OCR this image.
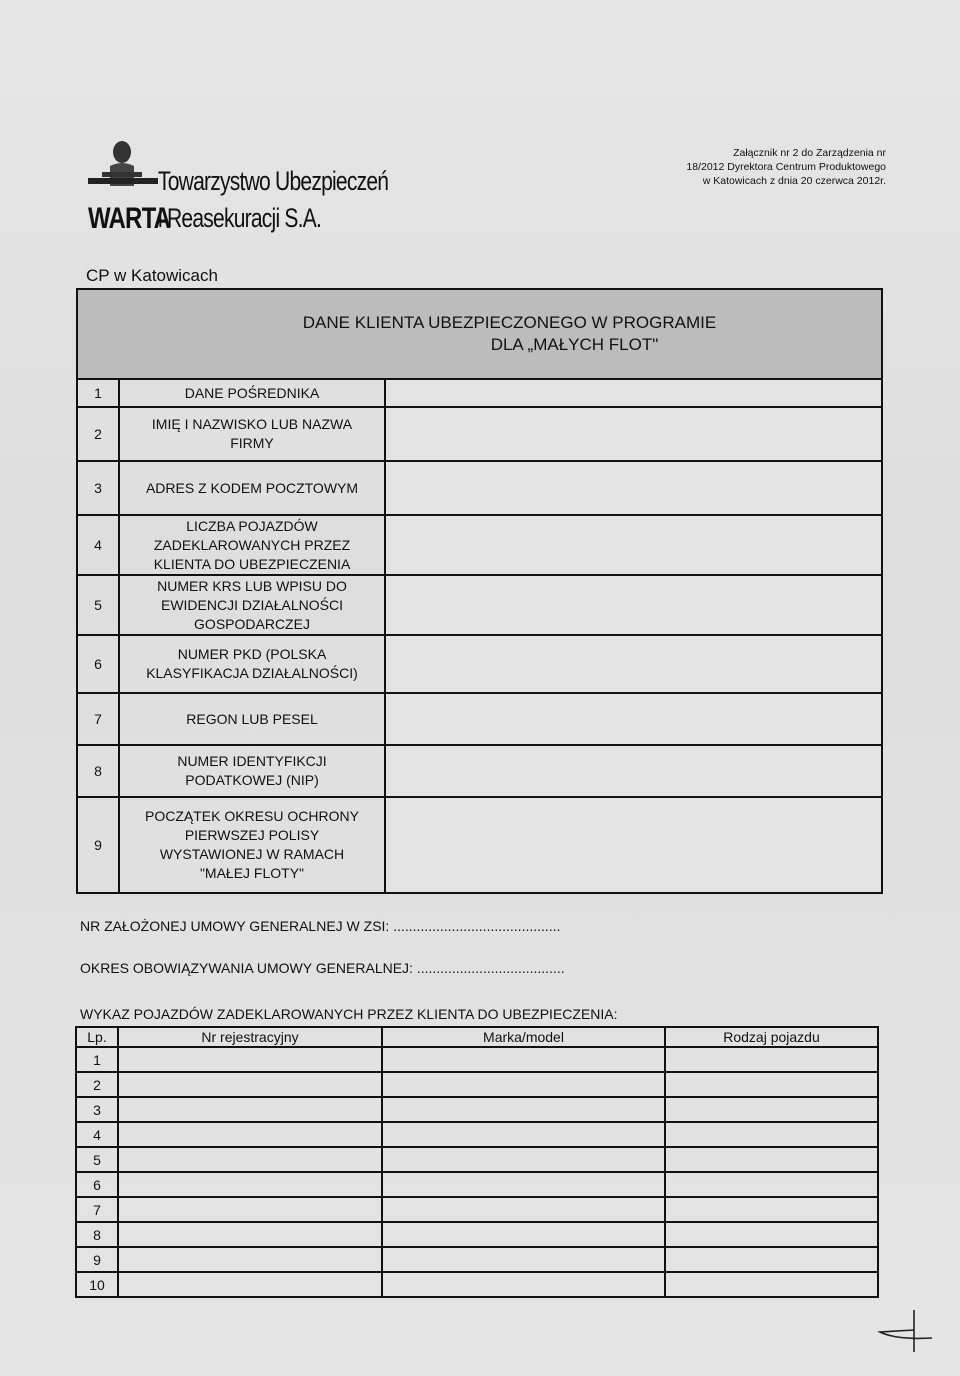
Towarzystwo Ubezpieczeń
WARTA
i Reasekuracji S.A.
Załącznik nr 2 do Zarządzenia nr
18/2012 Dyrektora Centrum Produktowego
w Katowicach z dnia 20 czerwca 2012r.
CP w Katowicach
DANE KLIENTA UBEZPIECZONEGO W PROGRAMIE
DLA „MAŁYCH FLOT"		

1	DANE POŚREDNIKA	
2	IMIĘ I NAZWISKO LUB NAZWA FIRMY	
3	ADRES Z KODEM POCZTOWYM	
4	LICZBA POJAZDÓW ZADEKLAROWANYCH PRZEZ KLIENTA DO UBEZPIECZENIA	
5	NUMER KRS LUB WPISU DO EWIDENCJI DZIAŁALNOŚCI GOSPODARCZEJ	
6	NUMER PKD (POLSKA KLASYFIKACJA DZIAŁALNOŚCI)	
7	REGON LUB PESEL	
8	NUMER IDENTYFIKCJI PODATKOWEJ (NIP)	
9	POCZĄTEK OKRESU OCHRONY PIERWSZEJ POLISY WYSTAWIONEJ W RAMACH "MAŁEJ FLOTY"	
NR ZAŁOŻONEJ UMOWY GENERALNEJ W ZSI: ...........................................
OKRES OBOWIĄZYWANIA UMOWY GENERALNEJ: ......................................
WYKAZ POJAZDÓW ZADEKLAROWANYCH PRZEZ KLIENTA DO UBEZPIECZENIA:
Lp.	Nr rejestracyjny	Marka/model	Rodzaj pojazdu
1			
2			
3			
4			
5			
6			
7			
8			
9			
10			
